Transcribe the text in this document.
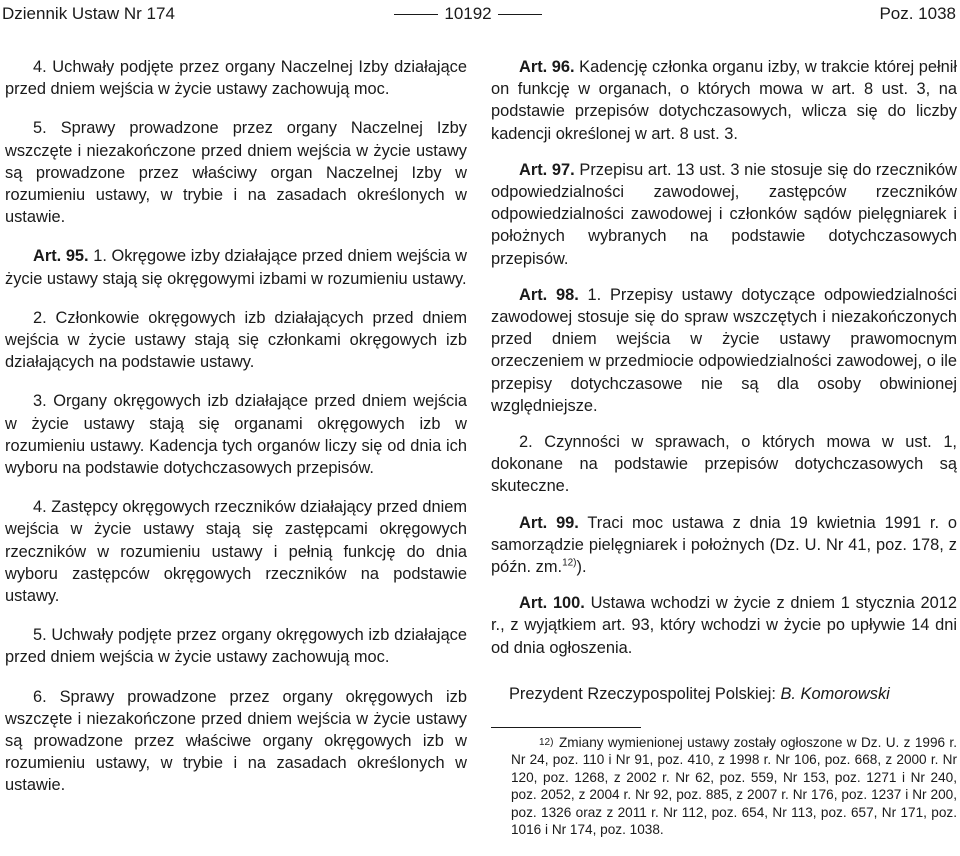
Dziennik Ustaw Nr 174	10192	Poz. 1038

4. Uchwały podjęte przez organy Naczelnej Izby działające przed dniem wejścia w życie ustawy zachowują moc.

5. Sprawy prowadzone przez organy Naczelnej Izby wszczęte i niezakończone przed dniem wejścia w życie ustawy są prowadzone przez właściwy organ Naczelnej Izby w rozumieniu ustawy, w trybie i na zasadach określonych w ustawie.

Art. 95. 1. Okręgowe izby działające przed dniem wejścia w życie ustawy stają się okręgowymi izbami w rozumieniu ustawy.

2. Członkowie okręgowych izb działających przed dniem wejścia w życie ustawy stają się członkami okręgowych izb działających na podstawie ustawy.

3. Organy okręgowych izb działające przed dniem wejścia w życie ustawy stają się organami okręgowych izb w rozumieniu ustawy. Kadencja tych organów liczy się od dnia ich wyboru na podstawie dotychczasowych przepisów.

4. Zastępcy okręgowych rzeczników działający przed dniem wejścia w życie ustawy stają się zastępcami okręgowych rzeczników w rozumieniu ustawy i pełnią funkcję do dnia wyboru zastępców okręgowych rzeczników na podstawie ustawy.

5. Uchwały podjęte przez organy okręgowych izb działające przed dniem wejścia w życie ustawy zachowują moc.

6. Sprawy prowadzone przez organy okręgowych izb wszczęte i niezakończone przed dniem wejścia w życie ustawy są prowadzone przez właściwe organy okręgowych izb w rozumieniu ustawy, w trybie i na zasadach określonych w ustawie.

Art. 96. Kadencję członka organu izby, w trakcie której pełnił on funkcję w organach, o których mowa w art. 8 ust. 3, na podstawie przepisów dotychczasowych, wlicza się do liczby kadencji określonej w art. 8 ust. 3.

Art. 97. Przepisu art. 13 ust. 3 nie stosuje się do rzeczników odpowiedzialności zawodowej, zastępców rzeczników odpowiedzialności zawodowej i członków sądów pielęgniarek i położnych wybranych na podstawie dotychczasowych przepisów.

Art. 98. 1. Przepisy ustawy dotyczące odpowiedzialności zawodowej stosuje się do spraw wszczętych i niezakończonych przed dniem wejścia w życie ustawy prawomocnym orzeczeniem w przedmiocie odpowiedzialności zawodowej, o ile przepisy dotychczasowe nie są dla osoby obwinionej względniejsze.

2. Czynności w sprawach, o których mowa w ust. 1, dokonane na podstawie przepisów dotychczasowych są skuteczne.

Art. 99. Traci moc ustawa z dnia 19 kwietnia 1991 r. o samorządzie pielęgniarek i położnych (Dz. U. Nr 41, poz. 178, z późn. zm.$^{12)}$).

Art. 100. Ustawa wchodzi w życie z dniem 1 stycznia 2012 r., z wyjątkiem art. 93, który wchodzi w życie po upływie 14 dni od dnia ogłoszenia.

Prezydent Rzeczypospolitej Polskiej: B. Komorowski

12) Zmiany wymienionej ustawy zostały ogłoszone w Dz. U. z 1996 r. Nr 24, poz. 110 i Nr 91, poz. 410, z 1998 r. Nr 106, poz. 668, z 2000 r. Nr 120, poz. 1268, z 2002 r. Nr 62, poz. 559, Nr 153, poz. 1271 i Nr 240, poz. 2052, z 2004 r. Nr 92, poz. 885, z 2007 r. Nr 176, poz. 1237 i Nr 200, poz. 1326 oraz z 2011 r. Nr 112, poz. 654, Nr 113, poz. 657, Nr 171, poz. 1016 i Nr 174, poz. 1038.
